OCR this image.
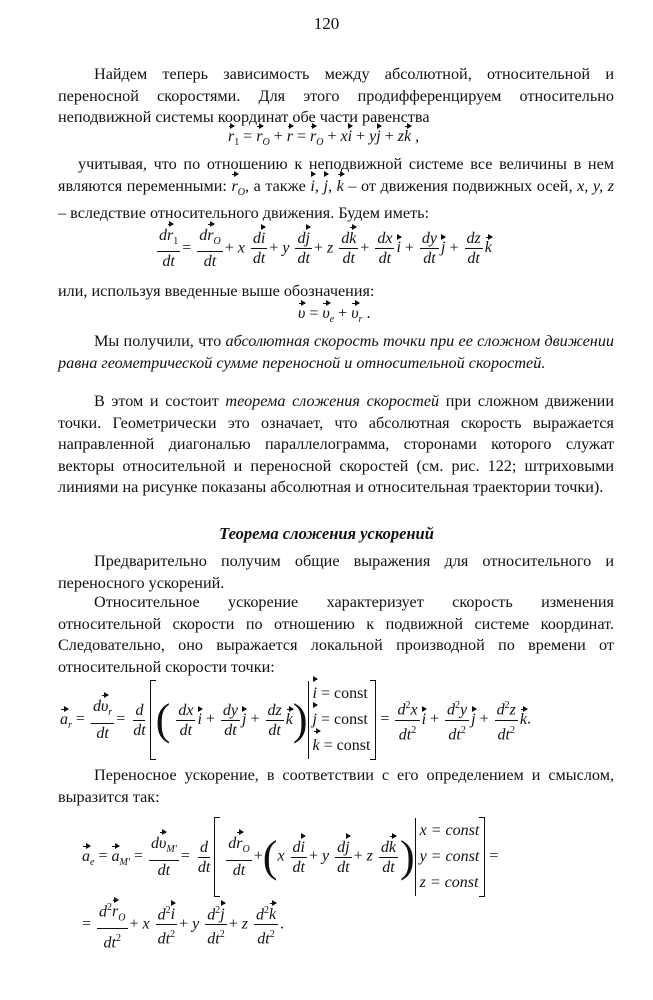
120
Найдем теперь зависимость между абсолютной, относительной и переносной скоростями. Для этого продифференцируем относительно неподвижной системы координат обе части равенства
$r_1 = r_O + r = r_O$ + xi + yj + zk ,
учитывая, что по отношению к неподвижной системе все величины в нем являются переменными: $r_O$, а также i, j, k – от движения подвижных осей, x, y, z – вследствие относительного движения. Будем иметь:
$\frac{dr_1}{dt} = \frac{dr_O}{dt} + x \frac{di}{dt} + y \frac{dj}{dt} + z \frac{dk}{dt} + \frac{dx}{dt}$ $i + \frac{dy}{dt}$ $j + \frac{dz}{dt}$ k
или, используя введенные выше обозначения:
$\upsilon = \upsilon_e + \upsilon_r$ .
Мы получили, что абсолютная скорость точки при ее сложном движении равна геометрической сумме переносной и относительной скоростей.
В этом и состоит теорема сложения скоростей при сложном движении точки. Геометрически это означает, что абсолютная скорость выражается направленной диагональю параллелограмма, сторонами которого служат векторы относительной и переносной скоростей (см. рис. 122; штриховыми линиями на рисунке показаны абсолютная и относительная траектории точки).
Теорема сложения ускорений
Предварительно получим общие выражения для относительного и переносного ускорений.
Относительное ускорение характеризует скорость изменения относительной скорости по отношению к подвижной системе координат. Следовательно, оно выражается локальной производной по времени от относительной скорости точки:
$a_r = \frac{d\upsilon_r}{dt} = \frac{d}{dt}$ ( $\frac{dx}{dt}$ $i + \frac{dy}{dt}$ $j + \frac{dz}{dt} k$)
i = const
j = const
k = const
= $\frac{d^2x}{dt^2}$ $i + \frac{d^2y}{dt^2}$ $j + \frac{d^2z}{dt^2} k$.
Переносное ускорение, в соответствии с его определением и смыслом, выразится так:
$a_e = a_{M'} = \frac{d\upsilon_{M'}}{dt} = \frac{d}{dt}$
$\frac{dr_O}{dt} +(x \frac{di}{dt} + y \frac{dj}{dt} + z \frac{dk}{dt}$ )
x = const
y = const
z = const
=
= $\frac{d^2r_O}{dt^2} + x \frac{d^2i}{dt^2} + y \frac{d^2j}{dt^2} + z \frac{d^2k}{dt^2}$ .
